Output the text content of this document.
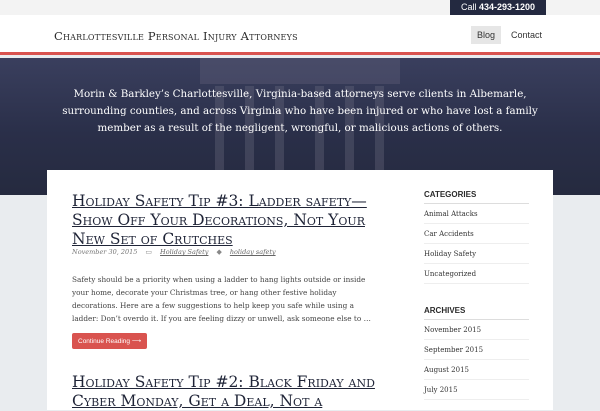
Call 434-293-1200
Charlottesville Personal Injury Attorneys	Blog	Contact
Morin & Barkley’s Charlottesville, Virginia-based attorneys serve clients in Albemarle, surrounding counties, and across Virginia who have been injured or who have lost a family member as a result of the negligent, wrongful, or malicious actions of others.
Holiday Safety Tip #3: Ladder safety— Show Off Your Decorations, Not Your New Set of Crutches
November 30, 2015 ▭ Holiday Safety ◆ holiday safety
Safety should be a priority when using a ladder to hang lights outside or inside your home, decorate your Christmas tree, or hang other festive holiday decorations. Here are a few suggestions to help keep you safe while using a ladder: Don’t overdo it. If you are feeling dizzy or unwell, ask someone else to …
Continue Reading ⟶
Holiday Safety Tip #2: Black Friday and Cyber Monday, Get a Deal, Not a
CATEGORIES
Animal Attacks
Car Accidents
Holiday Safety
Uncategorized
ARCHIVES
November 2015
September 2015
August 2015
July 2015
